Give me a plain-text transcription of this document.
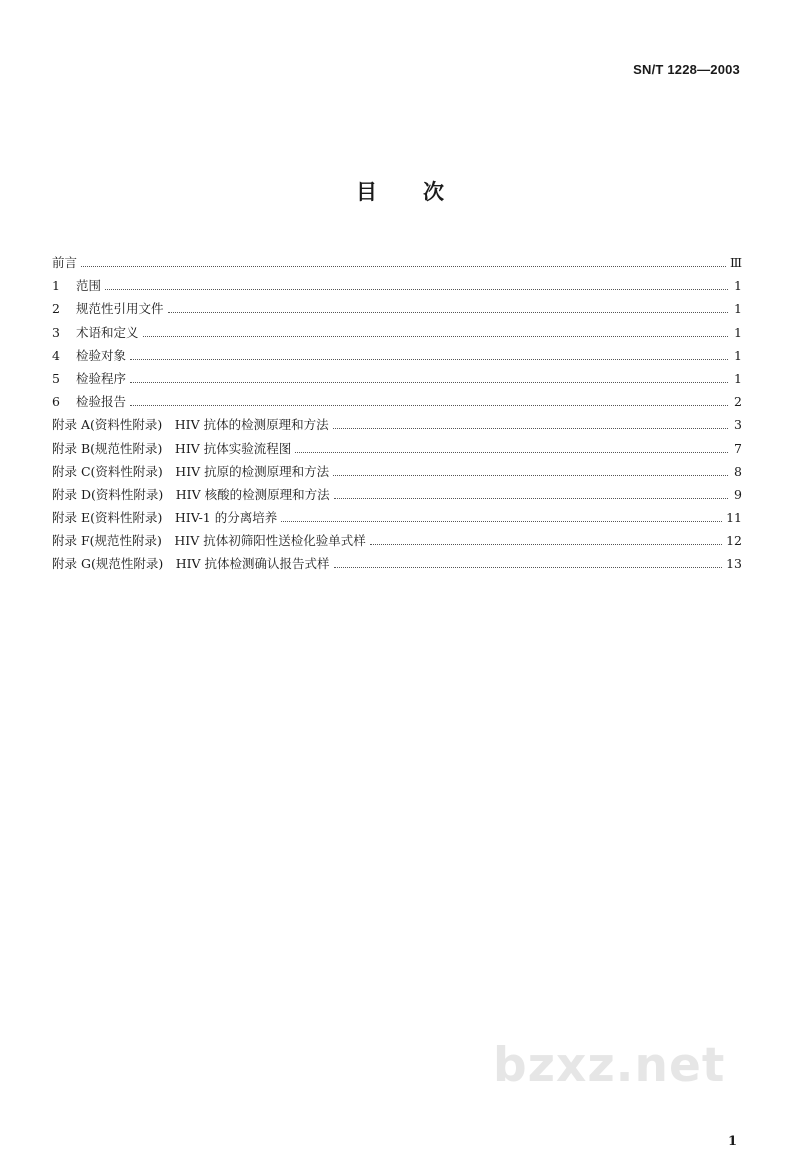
SN/T 1228—2003
目次
前言	Ⅲ
1	范围	1
2	规范性引用文件	1
3	术语和定义	1
4	检验对象	1
5	检验程序	1
6	检验报告	2
附录 A(资料性附录)　HIV 抗体的检测原理和方法	3
附录 B(规范性附录)　HIV 抗体实验流程图	7
附录 C(资料性附录)　HIV 抗原的检测原理和方法	8
附录 D(资料性附录)　HIV 核酸的检测原理和方法	9
附录 E(资料性附录)　HIV-1 的分离培养	11
附录 F(规范性附录)　HIV 抗体初筛阳性送检化验单式样	12
附录 G(规范性附录)　HIV 抗体检测确认报告式样	13
bzxz.net
1
